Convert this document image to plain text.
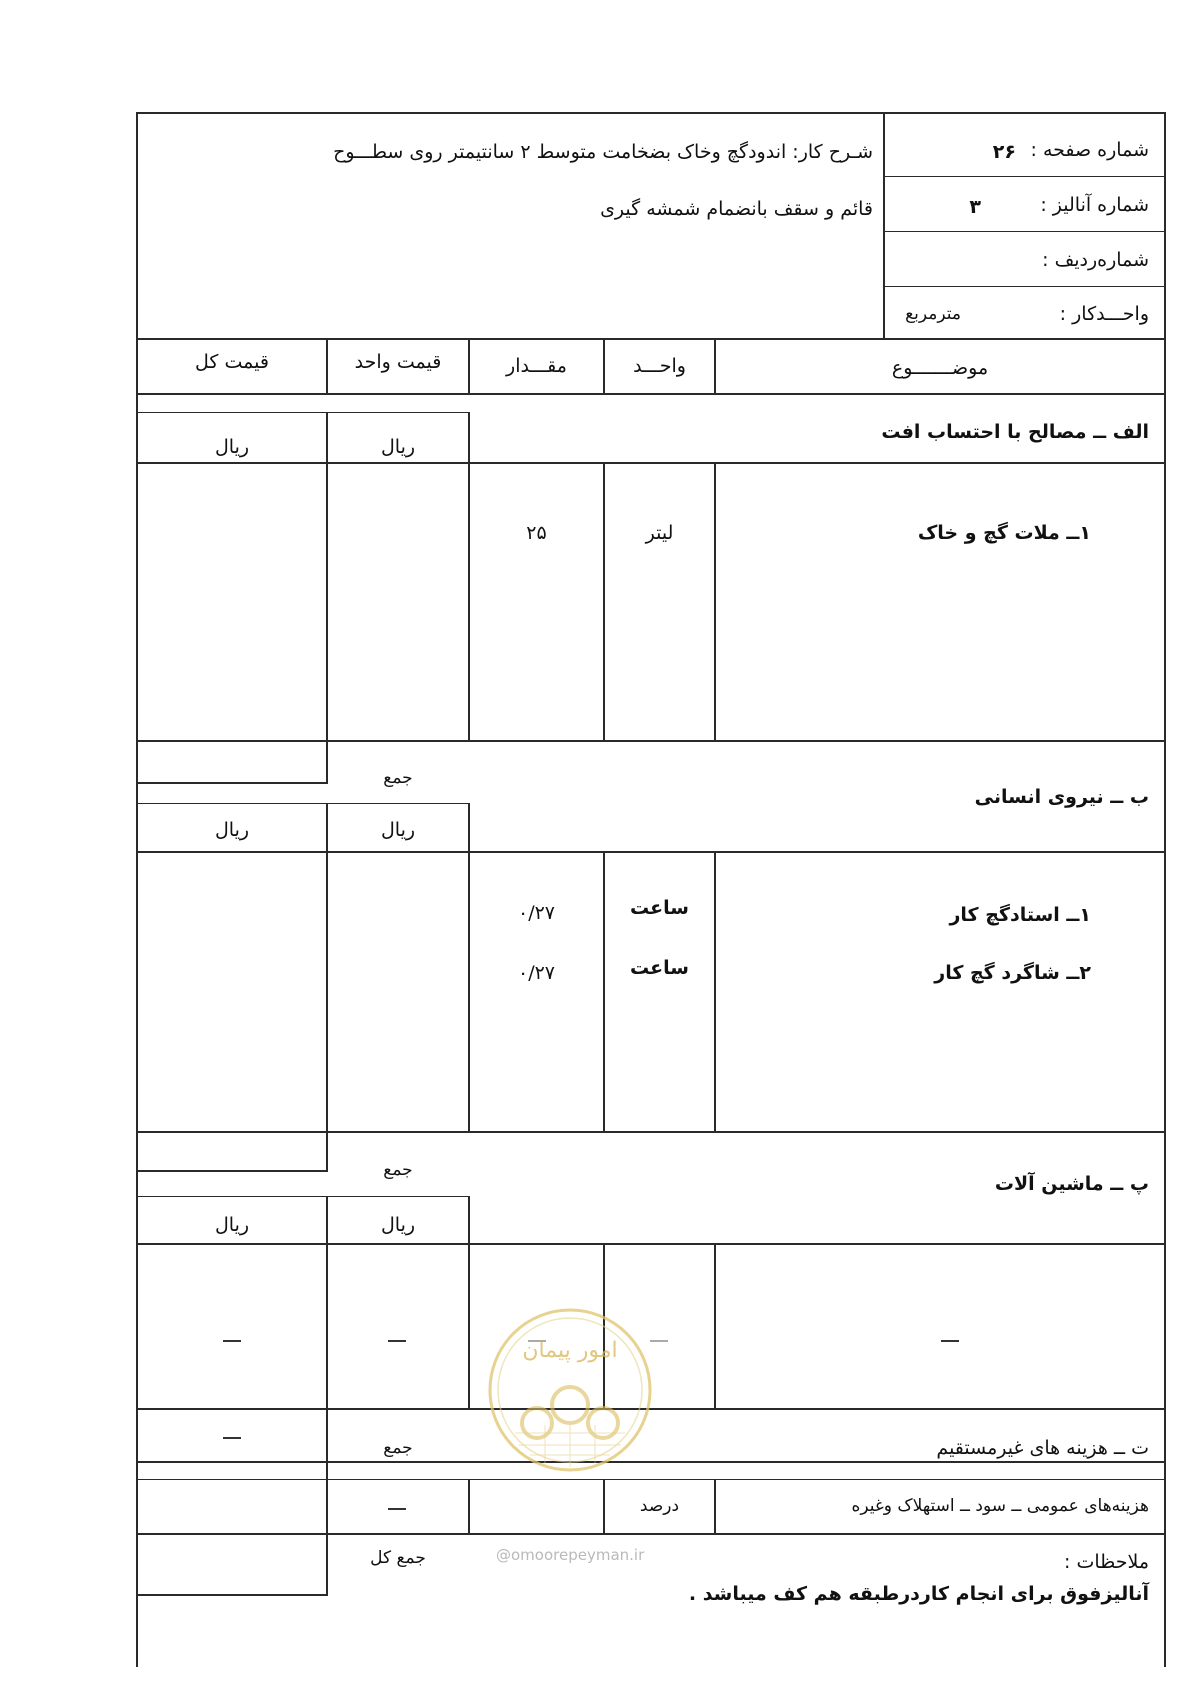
شماره صفحه :
۲۶
شماره آنالیز :
۳
شمارەردیف :
واحـــدکار :
مترمربع
شـرح کار: اندودگچ وخاک بضخامت متوسط ۲ سانتیمتر روی سطـــوح
قائم و سقف بانضمام شمشه گیری
موضـــــــوع
واحـــد
مقـــدار
قیمت واحد
قیمت کل
الف ــ مصالح با احتساب افت
ریال
ریال
۱ــ ملات گچ و خاک
لیتر
۲۵
جمع
ب ــ نیروی انسانی
ریال
ریال
۱ــ استادگچ کار
ساعت
۰/۲۷
۲ــ شاگرد گچ کار
ساعت
۰/۲۷
جمع
پ ــ ماشین آلات
ریال
ریال
جمع	ت ــ هزینه های غیرمستقیم
هزینه‌های عمومی ــ سود ــ استهلاک وغیره
درصد
جمع کل	ملاحظات :
آنالیزفوق برای انجام کاردرطبقه هم کف میباشد .
@omoorepeyman.ir
امور پیمان
